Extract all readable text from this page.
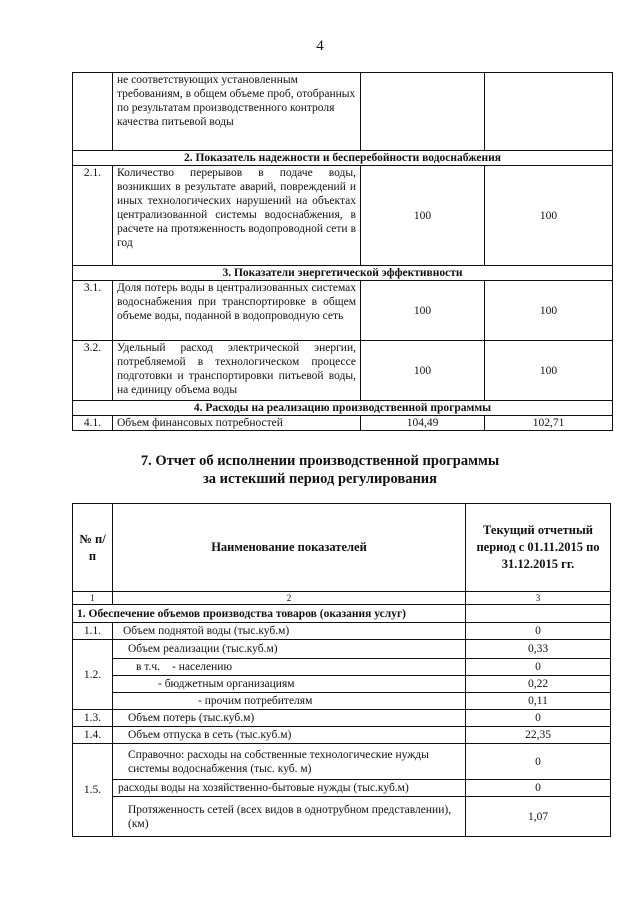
4
	не соответствующих установленным требованиям, в общем объеме проб, отобранных по результатам производственного контроля качества питьевой воды		
2. Показатель надежности и бесперебойности водоснабжения			
2.1.	Количество перерывов в подаче воды, возникших в результате аварий, повреждений и иных технологических нарушений на объектах централизованной системы водоснабжения, в расчете на протяженность водопроводной сети в год	100	100
3. Показатели энергетической эффективности			
3.1.	Доля потерь воды в централизованных системах водоснабжения при транспортировке в общем объеме воды, поданной в водопроводную сеть	100	100
3.2.	Удельный расход электрической энергии, потребляемой в технологическом процессе подготовки и транспортировки питьевой воды, на единицу объема воды	100	100
4. Расходы на реализацию производственной программы			
4.1.	Объем финансовых потребностей	104,49	102,71
7. Отчет об исполнении производственной программы
за истекший период регулирования
№ п/п	Наименование показателей	Текущий отчетный период с 01.11.2015 по 31.12.2015 гг.
1	2	3
1. Обеспечение объемов производства товаров (оказания услуг)		
1.1.	Объем поднятой воды (тыс.куб.м)	0
1.2.	Объем реализации (тыс.куб.м)	0,33
	в т.ч. - населению	0
	- бюджетным организациям	0,22
	- прочим потребителям	0,11
1.3.	Объем потерь (тыс.куб.м)	0
1.4.	Объем отпуска в сеть (тыс.куб.м)	22,35
1.5.	Справочно: расходы на собственные технологические нужды системы водоснабжения (тыс. куб. м)	0
	расходы воды на хозяйственно-бытовые нужды (тыс.куб.м)	0
	Протяженность сетей (всех видов в однотрубном представлении), (км)	1,07
